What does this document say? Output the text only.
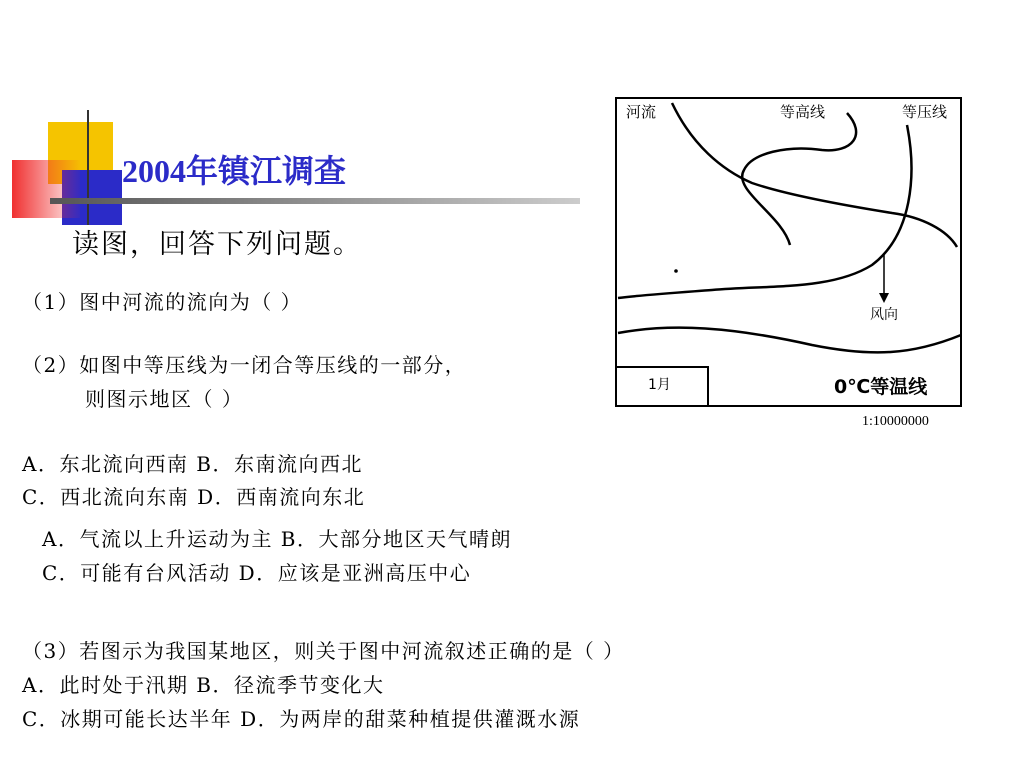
2004年镇江调查
读图，回答下列问题。
（1）图中河流的流向为（ ）
（2）如图中等压线为一闭合等压线的一部分，
则图示地区（ ）
A．东北流向西南 B．东南流向西北
C．西北流向东南 D．西南流向东北
A．气流以上升运动为主 B．大部分地区天气晴朗
C．可能有台风活动 D．应该是亚洲高压中心
（3）若图示为我国某地区，则关于图中河流叙述正确的是（ ）
A．此时处于汛期 B．径流季节变化大
C．冰期可能长达半年 D．为两岸的甜菜种植提供灌溉水源
河流	等高线	等压线
风向
1月	0℃等温线
1:10000000
